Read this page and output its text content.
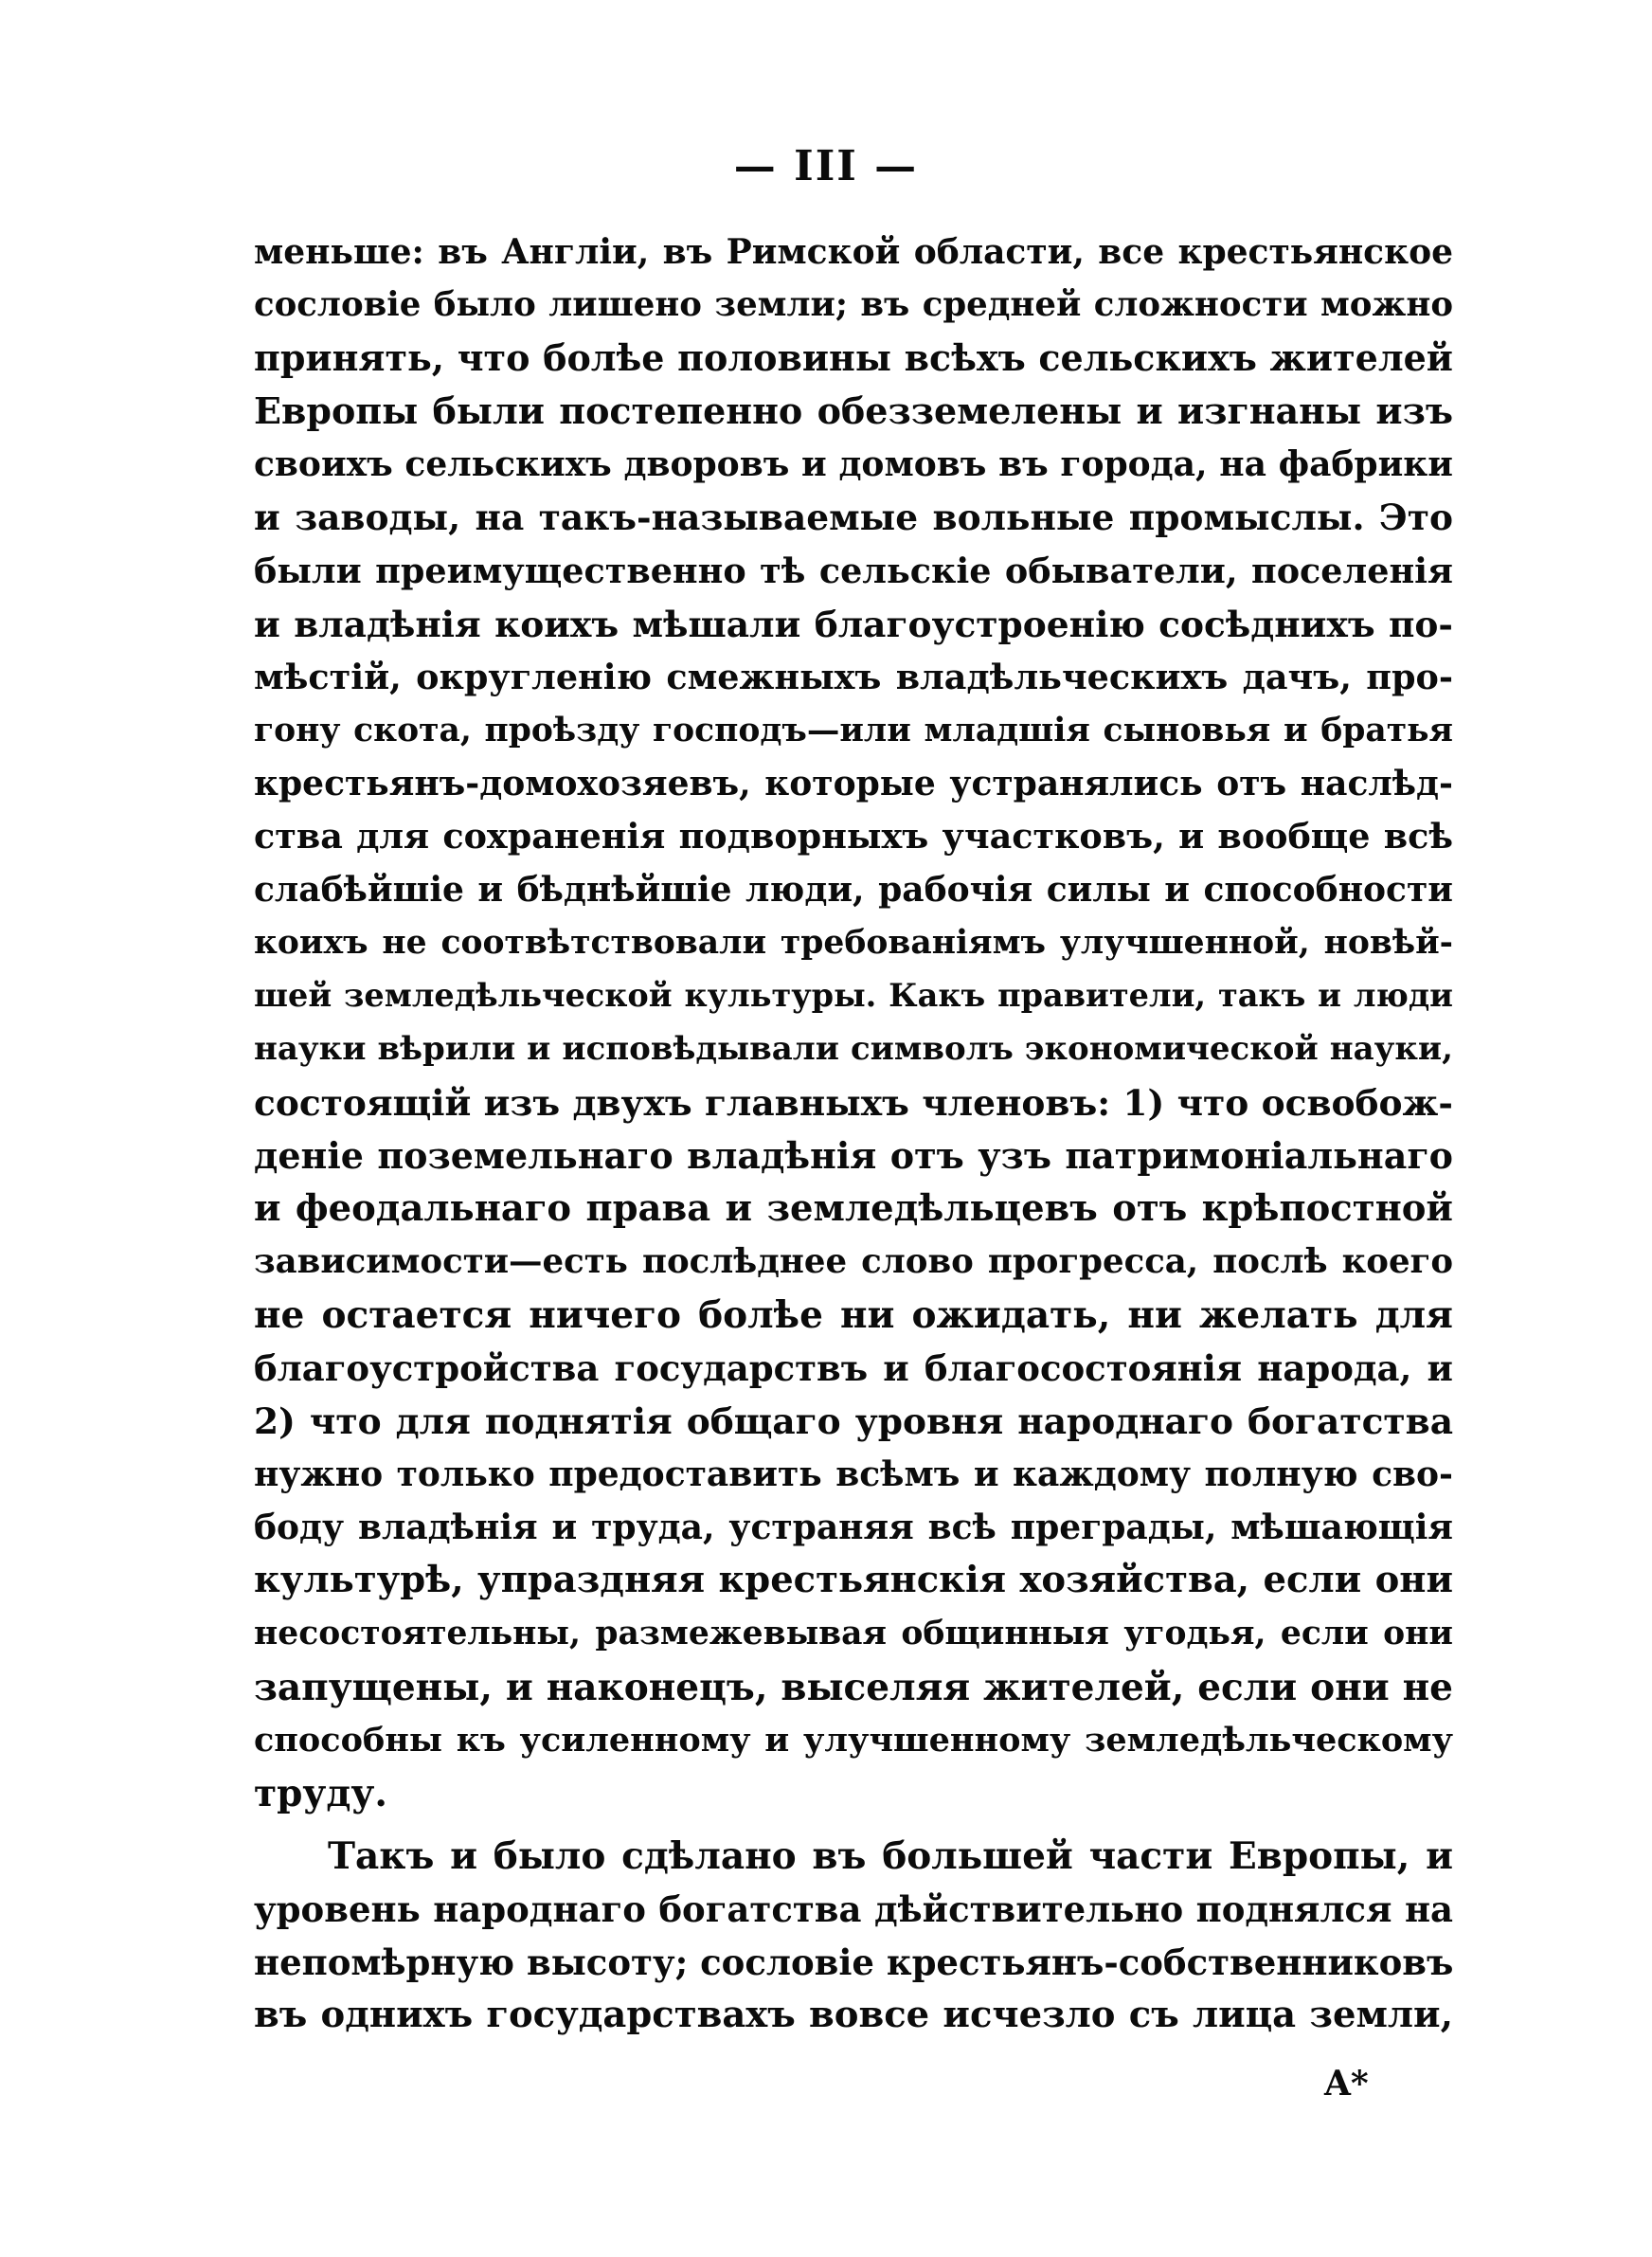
— III —
меньше: въ Англіи, въ Римской области, все крестьянское
сословіе было лишено земли; въ средней сложности можно
принять, что болѣе половины всѣхъ сельскихъ жителей
Европы были постепенно обезземелены и изгнаны изъ
своихъ сельскихъ дворовъ и домовъ въ города, на фабрики
и заводы, на такъ-называемые вольные промыслы. Это
были преимущественно тѣ сельскіе обыватели, поселенія
и владѣнія коихъ мѣшали благоустроенію сосѣднихъ по-
мѣстій, округленію смежныхъ владѣльческихъ дачъ, про-
гону скота, проѣзду господъ—или младшія сыновья и братья
крестьянъ-домохозяевъ, которые устранялись отъ наслѣд-
ства для сохраненія подворныхъ участковъ, и вообще всѣ
слабѣйшіе и бѣднѣйшіе люди, рабочія силы и способности
коихъ не соотвѣтствовали требованіямъ улучшенной, новѣй-
шей земледѣльческой культуры. Какъ правители, такъ и люди
науки вѣрили и исповѣдывали символъ экономической науки,
состоящій изъ двухъ главныхъ членовъ: 1) что освобож-
деніе поземельнаго владѣнія отъ узъ патримоніальнаго
и феодальнаго права и земледѣльцевъ отъ крѣпостной
зависимости—есть послѣднее слово прогресса, послѣ коего
не остается ничего болѣе ни ожидать, ни желать для
благоустройства государствъ и благосостоянія народа, и
2) что для поднятія общаго уровня народнаго богатства
нужно только предоставить всѣмъ и каждому полную сво-
боду владѣнія и труда, устраняя всѣ преграды, мѣшающія
культурѣ, упраздняя крестьянскія хозяйства, если они
несостоятельны, размежевывая общинныя угодья, если они
запущены, и наконецъ, выселяя жителей, если они не
способны къ усиленному и улучшенному земледѣльческому
труду.
Такъ и было сдѣлано въ большей части Европы, и
уровень народнаго богатства дѣйствительно поднялся на
непомѣрную высоту; сословіе крестьянъ-собственниковъ
въ однихъ государствахъ вовсе исчезло съ лица земли,
A*
